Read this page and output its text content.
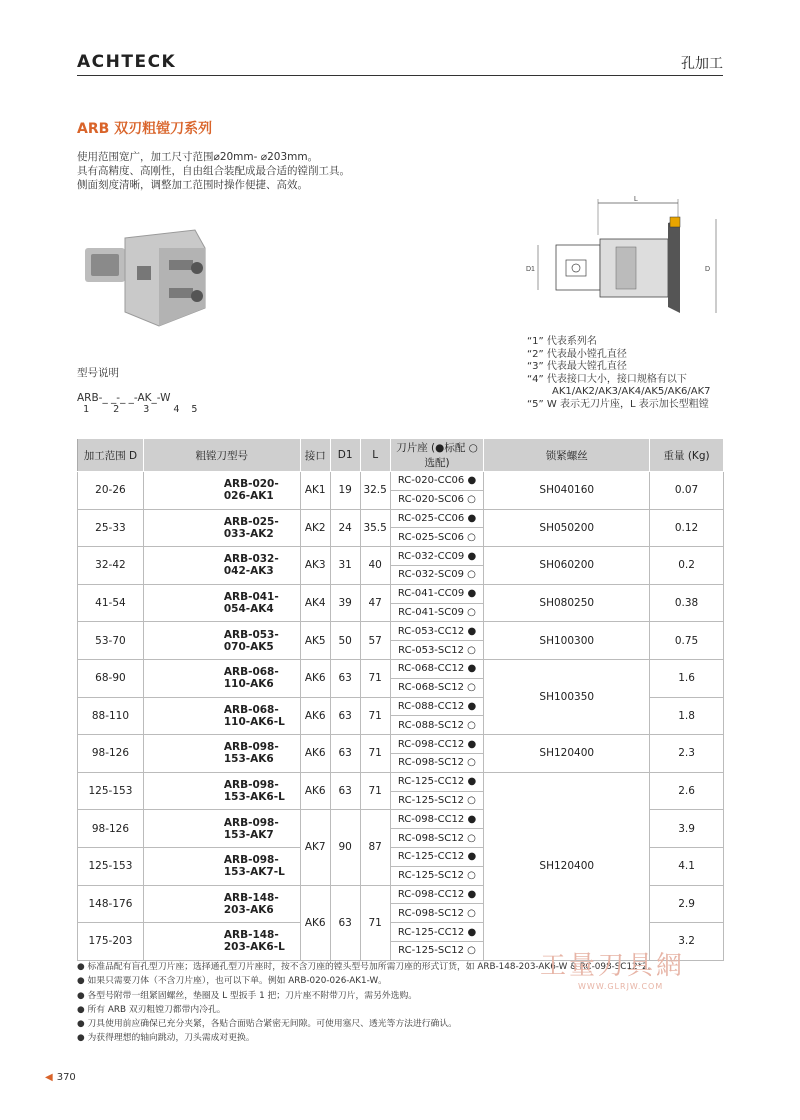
ACHTECK	孔加工
ARB 双刃粗镗刀系列
使用范围宽广，加工尺寸范围⌀20mm- ⌀203mm。
具有高精度、高刚性，自由组合装配成最合适的镗削工具。
侧面刻度清晰，调整加工范围时操作便捷、高效。
L
D1	D
“1” 代表系列名
“2” 代表最小镗孔直径
“3” 代表最大镗孔直径
“4” 代表接口大小，接口规格有以下
AK1/AK2/AK3/AK4/AK5/AK6/AK7
“5” W 表示无刀片座，L 表示加长型粗镗
型号说明
ARB-_ _-_ _-AK_-W
1    2    3    4  5
加工范围 D	粗镗刀型号	接口	D1	L	刀片座 (●标配 ○选配)	锁紧螺丝	重量 (Kg)
20-26	ARB-020-026-AK1	AK1	19	32.5	RC-020-CC06 ●	SH040160	0.07
					RC-020-SC06 ○		
25-33	ARB-025-033-AK2	AK2	24	35.5	RC-025-CC06 ●	SH050200	0.12
					RC-025-SC06 ○		
32-42	ARB-032-042-AK3	AK3	31	40	RC-032-CC09 ●	SH060200	0.2
					RC-032-SC09 ○		
41-54	ARB-041-054-AK4	AK4	39	47	RC-041-CC09 ●	SH080250	0.38
					RC-041-SC09 ○		
53-70	ARB-053-070-AK5	AK5	50	57	RC-053-CC12 ●	SH100300	0.75
					RC-053-SC12 ○		
68-90	ARB-068-110-AK6	AK6	63	71	RC-068-CC12 ●	SH100350	1.6
					RC-068-SC12 ○		
88-110	ARB-068-110-AK6-L	AK6	63	71	RC-088-CC12 ●		1.8
					RC-088-SC12 ○		
98-126	ARB-098-153-AK6	AK6	63	71	RC-098-CC12 ●	SH120400	2.3
					RC-098-SC12 ○		
125-153	ARB-098-153-AK6-L	AK6	63	71	RC-125-CC12 ●	SH120400	2.6
					RC-125-SC12 ○		
98-126	ARB-098-153-AK7	AK7	90	87	RC-098-CC12 ●		3.9
					RC-098-SC12 ○		
125-153	ARB-098-153-AK7-L				RC-125-CC12 ●		4.1
					RC-125-SC12 ○		
148-176	ARB-148-203-AK6	AK6	63	71	RC-098-CC12 ●		2.9
					RC-098-SC12 ○		
175-203	ARB-148-203-AK6-L				RC-125-CC12 ●		3.2
					RC-125-SC12 ○		
● 标准品配有盲孔型刀片座；选择通孔型刀片座时，按不含刀座的镗头型号加所需刀座的形式订货，如 ARB-148-203-AK6-W & RC-098-SC12*2。
● 如果只需要刀体（不含刀片座），也可以下单。例如 ARB-020-026-AK1-W。
● 各型号附带一组紧固螺丝，垫圈及 L 型扳手 1 把；刀片座不附带刀片，需另外选购。
● 所有 ARB 双刃粗镗刀都带内冷孔。
● 刀具使用前应确保已充分夹紧，各贴合面贴合紧密无间隙。可使用塞尺、透光等方法进行确认。
● 为获得理想的轴向跳动，刀头需成对更换。
工量刀具網
WWW.GLRJW.COM
◀ 370
